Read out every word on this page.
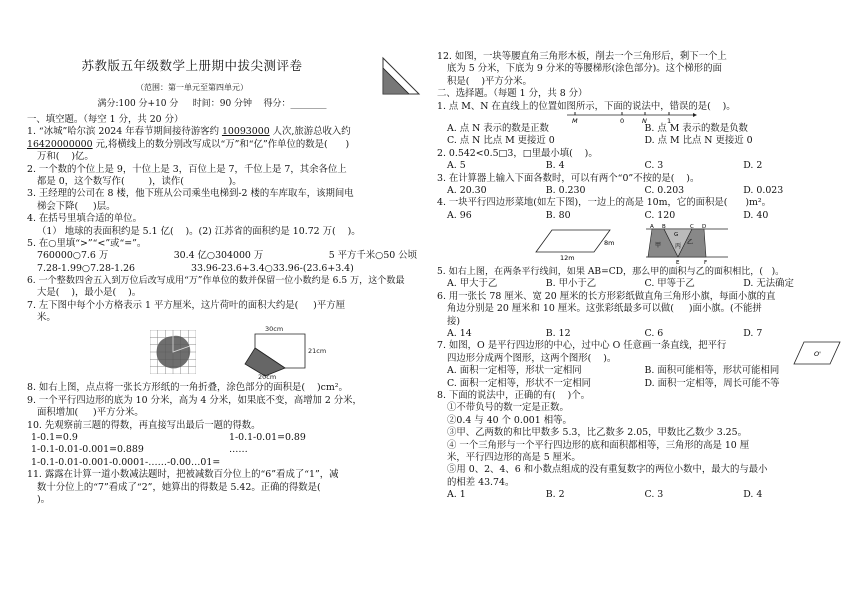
苏教版五年级数学上册期中拔尖测评卷
（范围：第一单元至第四单元）
满分:100 分+10 分 时间：90 分钟 得分：________

一、填空题。（每空 1 分，共 20 分）

1. “冰城”哈尔滨 2024 年春节期间接待游客约 10093000 人次,旅游总收入约

16420000000 元,将横线上的数分别改写成以“万”和“亿”作单位的数是(      )

万和(    )亿。

2. 一个数的个位上是 9，十位上是 3，百位上是 7，千位上是 7，其余各位上

都是 0，这个数写作(        )，读作(               )。

3. 王经理的公司在 8 楼，他下班从公司乘坐电梯到-2 楼的车库取车，该期间电

梯会下降(     )层。

4. 在括号里填合适的单位。

（1） 地球的表面积约是 5.1 亿(    )。(2) 江苏省的面积约是 10.72 万(    )。

5. 在○里填“>”“<”或“=”。

760000○7.6 万	30.4 亿○304000 万	5 平方千米○50 公顷
7.28-1.99○7.28-1.26	33.96-23.6+3.4○33.96-(23.6+3.4)

6. 一个整数四舍五入到万位后改写成用“万”作单位的数并保留一位小数约是 6.5 万，这个数最

大是(    )，最小是(    )。

7. 左下图中每个小方格表示 1 平方厘米，这片荷叶的面积大约是(     )平方厘

米。

30cm
21cm
20cm

8. 如右上图，点点将一张长方形纸的一角折叠，涂色部分的面积是(    )cm²。

9. 一个平行四边形的底为 10 分米，高为 4 分米，如果底不变，高增加 2 分米，

面积增加(     )平方分米。

10. 先观察前三题的得数，再直接写出最后一题的得数。

1-0.1=0.9	1-0.1-0.01=0.89
1-0.1-0.01-0.001=0.889	……

1-0.1-0.01-0.001-0.0001-……-0.00…01=

11. 露露在计算一道小数减法题时，把被减数百分位上的“6”看成了“1”，减

数十分位上的“7”看成了“2”，她算出的得数是 5.42。正确的得数是(

)。

12. 如图，一块等腰直角三角形木板，削去一个三角形后，剩下一个上

底为 5 分米，下底为 9 分米的等腰梯形(涂色部分)。这个梯形的面

积是(    )平方分米。

二、选择题。（每题 1 分，共 8 分）

1. 点 M、N 在直线上的位置如图所示，下面的说法中，错误的是(    )。

M	0	N	1
A. 点 N 表示的数是正数	B. 点 M 表示的数是负数
C. 点 N 比点 M 更接近 0	D. 点 M 比点 N 更接近 0

2. 0.542<0.5□3，□里最小填(    )。

A. 5	B. 4	C. 3	D. 2

3. 在计算器上输入下面各数时，可以有两个“0”不按的是(    )。

A. 20.30	B. 0.230	C. 0.203	D. 0.023

4. 一块平行四边形菜地(如左下图)，一边上的高是 10m，它的面积是(      )m²。

A. 96	B. 80	C. 120	D. 40
8m
12m
A B
G
D
C
甲	乙
丙
E	F

5. 如右上图，在两条平行线间，如果 AB=CD，那么甲的面积与乙的面积相比，(   )。

A. 甲大于乙	B. 甲小于乙	C. 甲等于乙	D. 无法确定

6. 用一张长 78 厘米、宽 20 厘米的长方形彩纸做直角三角形小旗，每面小旗的直

角边分别是 20 厘米和 10 厘米。这张彩纸最多可以做(     )面小旗。(不能拼

接)

A. 14	B. 12	C. 6	D. 7
O'

7. 如图，O 是平行四边形的中心，过中心 O 任意画一条直线，把平行

四边形分成两个图形，这两个图形(    )。

A. 面积一定相等，形状一定相同	B. 面积可能相等，形状可能相同
C. 面积一定相等，形状不一定相同	D. 面积一定相等，周长可能不等

8. 下面的说法中，正确的有(    )个。

①不带负号的数一定是正数。

②0.4 与 40 个 0.001 相等。

③甲、乙两数的和比甲数多 5.3，比乙数多 2.05，甲数比乙数少 3.25。

④ 一个三角形与一个平行四边形的底和面积都相等，三角形的高是 10 厘

米，平行四边形的高是 5 厘米。

⑤用 0、2、4、6 和小数点组成的没有重复数字的两位小数中，最大的与最小

的相差 43.74。

A. 1	B. 2	C. 3	D. 4
